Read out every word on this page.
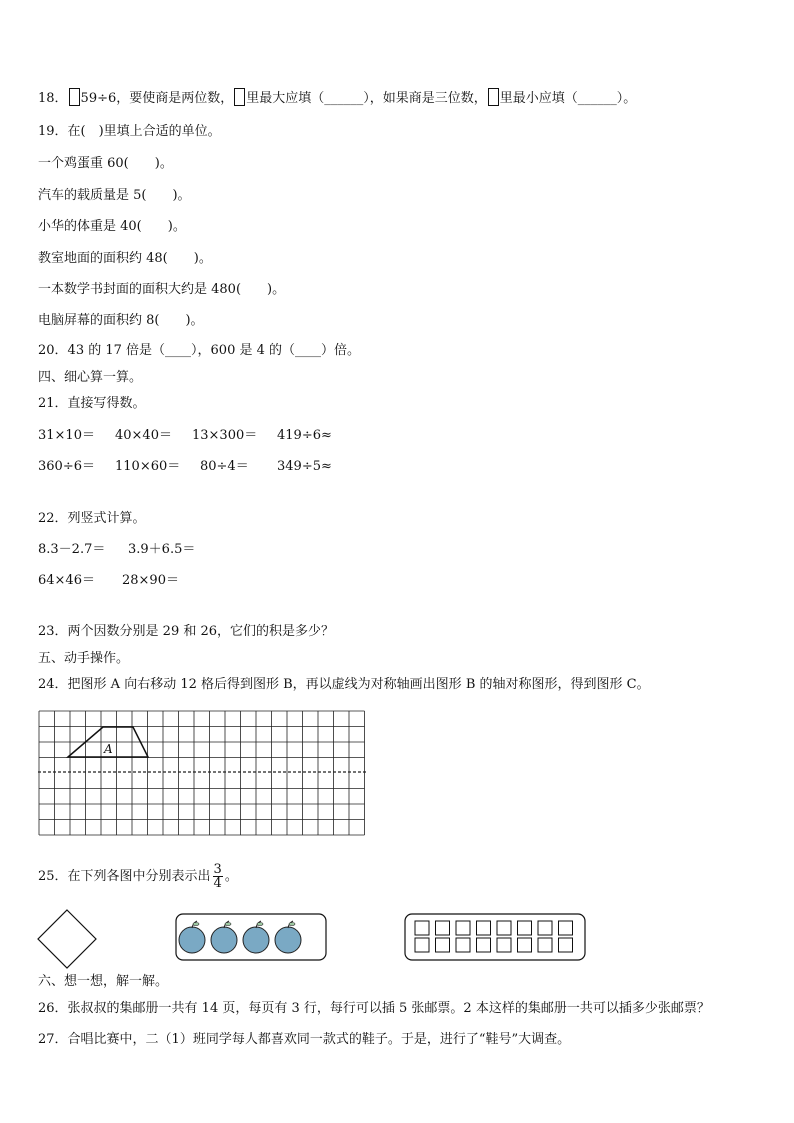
18． 59÷6，要使商是两位数， 里最大应填（______），如果商是三位数， 里最小应填（______）。
19．在(　)里填上合适的单位。
一个鸡蛋重 60(　　)。
汽车的载质量是 5(　　)。
小华的体重是 40(　　)。
教室地面的面积约 48(　　)。
一本数学书封面的面积大约是 480(　　)。
电脑屏幕的面积约 8(　　)。
20．43 的 17 倍是（____），600 是 4 的（____）倍。
四、细心算一算。
21．直接写得数。
31×10＝ 40×40＝ 13×300＝ 419÷6≈
360÷6＝ 110×60＝ 80÷4＝ 349÷5≈
22．列竖式计算。
8.3－2.7＝ 3.9＋6.5＝
64×46＝ 28×90＝
23．两个因数分别是 29 和 26，它们的积是多少？
五、动手操作。
24．把图形 A 向右移动 12 格后得到图形 B，再以虚线为对称轴画出图形 B 的轴对称图形，得到图形 C。
A
25．在下列各图中分别表示出 $\frac{3}{4}$ 。
六、想一想，解一解。
26．张叔叔的集邮册一共有 14 页，每页有 3 行，每行可以插 5 张邮票。2 本这样的集邮册一共可以插多少张邮票？
27．合唱比赛中，二（1）班同学每人都喜欢同一款式的鞋子。于是，进行了“鞋号”大调查。
